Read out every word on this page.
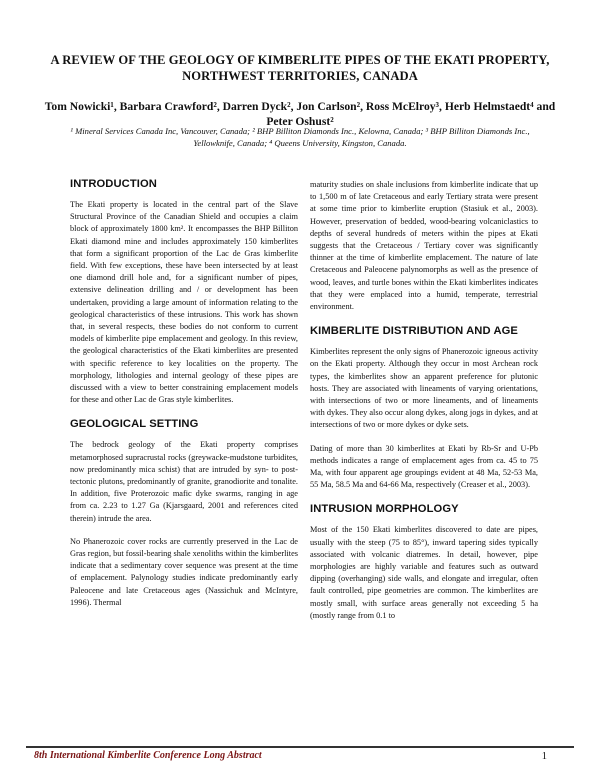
A REVIEW OF THE GEOLOGY OF KIMBERLITE PIPES OF THE EKATI PROPERTY, NORTHWEST TERRITORIES, CANADA
Tom Nowicki¹, Barbara Crawford², Darren Dyck², Jon Carlson², Ross McElroy³, Herb Helmstaedt⁴ and Peter Oshust²
¹ Mineral Services Canada Inc, Vancouver, Canada; ² BHP Billiton Diamonds Inc., Kelowna, Canada; ³ BHP Billiton Diamonds Inc., Yellowknife, Canada; ⁴ Queens University, Kingston, Canada.
INTRODUCTION

The Ekati property is located in the central part of the Slave Structural Province of the Canadian Shield and occupies a claim block of approximately 1800 km². It encompasses the BHP Billiton Ekati diamond mine and includes approximately 150 kimberlites that form a significant proportion of the Lac de Gras kimberlite field. With few exceptions, these have been intersected by at least one diamond drill hole and, for a significant number of pipes, extensive delineation drilling and / or development has been undertaken, providing a large amount of information relating to the geological characteristics of these intrusions. This work has shown that, in several respects, these bodies do not conform to current models of kimberlite pipe emplacement and geology. In this review, the geological characteristics of the Ekati kimberlites are presented with specific reference to key localities on the property. The morphology, lithologies and internal geology of these pipes are discussed with a view to better constraining emplacement models for these and other Lac de Gras style kimberlites.

GEOLOGICAL SETTING

The bedrock geology of the Ekati property comprises metamorphosed supracrustal rocks (greywacke-mudstone turbidites, now predominantly mica schist) that are intruded by syn- to post-tectonic plutons, predominantly of granite, granodiorite and tonalite. In addition, five Proterozoic mafic dyke swarms, ranging in age from ca. 2.23 to 1.27 Ga (Kjarsgaard, 2001 and references cited therein) intrude the area.

No Phanerozoic cover rocks are currently preserved in the Lac de Gras region, but fossil-bearing shale xenoliths within the kimberlites indicate that a sedimentary cover sequence was present at the time of emplacement. Palynology studies indicate predominantly early Paleocene and late Cretaceous ages (Nassichuk and McIntyre, 1996). Thermal

maturity studies on shale inclusions from kimberlite indicate that up to 1,500 m of late Cretaceous and early Tertiary strata were present at some time prior to kimberlite eruption (Stasiuk et al., 2003). However, preservation of bedded, wood-bearing volcaniclastics to depths of several hundreds of meters within the pipes at Ekati suggests that the Cretaceous / Tertiary cover was significantly thinner at the time of kimberlite emplacement. The nature of late Cretaceous and Paleocene palynomorphs as well as the presence of wood, leaves, and turtle bones within the Ekati kimberlites indicates that they were emplaced into a humid, temperate, terrestrial environment.

KIMBERLITE DISTRIBUTION AND AGE

Kimberlites represent the only signs of Phanerozoic igneous activity on the Ekati property. Although they occur in most Archean rock types, the kimberlites show an apparent preference for plutonic hosts. They are associated with lineaments of varying orientations, with intersections of two or more lineaments, and of lineaments with dykes. They also occur along dykes, along jogs in dykes, and at intersections of two or more dykes or dyke sets.

Dating of more than 30 kimberlites at Ekati by Rb-Sr and U-Pb methods indicates a range of emplacement ages from ca. 45 to 75 Ma, with four apparent age groupings evident at 48 Ma, 52-53 Ma, 55 Ma, 58.5 Ma and 64-66 Ma, respectively (Creaser et al., 2003).

INTRUSION MORPHOLOGY

Most of the 150 Ekati kimberlites discovered to date are pipes, usually with the steep (75 to 85°), inward tapering sides typically associated with volcanic diatremes. In detail, however, pipe morphologies are highly variable and features such as outward dipping (overhanging) side walls, and elongate and irregular, often fault controlled, pipe geometries are common. The kimberlites are mostly small, with surface areas generally not exceeding 5 ha (mostly range from 0.1 to

8th International Kimberlite Conference Long Abstract	1
